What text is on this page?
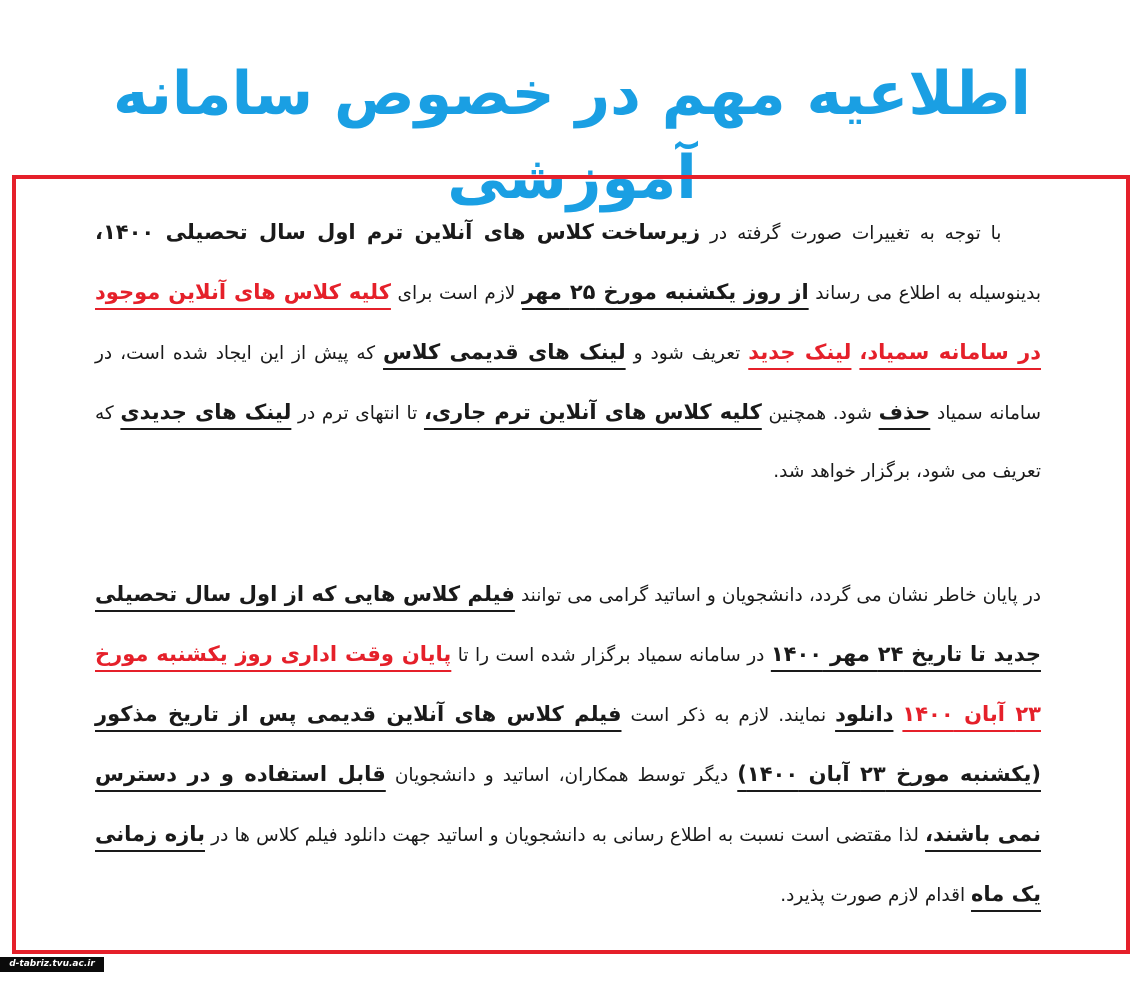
اطلاعیه مهم در خصوص سامانه آموزشی

با توجه به تغییرات صورت گرفته در زیرساخت کلاس های آنلاین ترم اول سال تحصیلی ۱۴۰۰، بدینوسیله به اطلاع می رساند از روز یکشنبه مورخ ۲۵ مهر لازم است برای کلیه کلاس های آنلاین موجود در سامانه سمیاد، لینک جدید تعریف شود و لینک های قدیمی کلاس که پیش از این ایجاد شده است، در سامانه سمیاد حذف شود. همچنین کلیه کلاس های آنلاین ترم جاری، تا انتهای ترم در لینک های جدیدی که تعریف می شود، برگزار خواهد شد.

در پایان خاطر نشان می گردد، دانشجویان و اساتید گرامی می توانند فیلم کلاس هایی که از اول سال تحصیلی جدید تا تاریخ ۲۴ مهر ۱۴۰۰ در سامانه سمیاد برگزار شده است را تا پایان وقت اداری روز یکشنبه مورخ ۲۳ آبان ۱۴۰۰ دانلود نمایند. لازم به ذکر است فیلم کلاس های آنلاین قدیمی پس از تاریخ مذکور (یکشنبه مورخ ۲۳ آبان ۱۴۰۰) دیگر توسط همکاران، اساتید و دانشجویان قابل استفاده و در دسترس نمی باشند، لذا مقتضی است نسبت به اطلاع رسانی به دانشجویان و اساتید جهت دانلود فیلم کلاس ها در بازه زمانی یک ماه اقدام لازم صورت پذیرد.

d-tabriz.tvu.ac.ir
